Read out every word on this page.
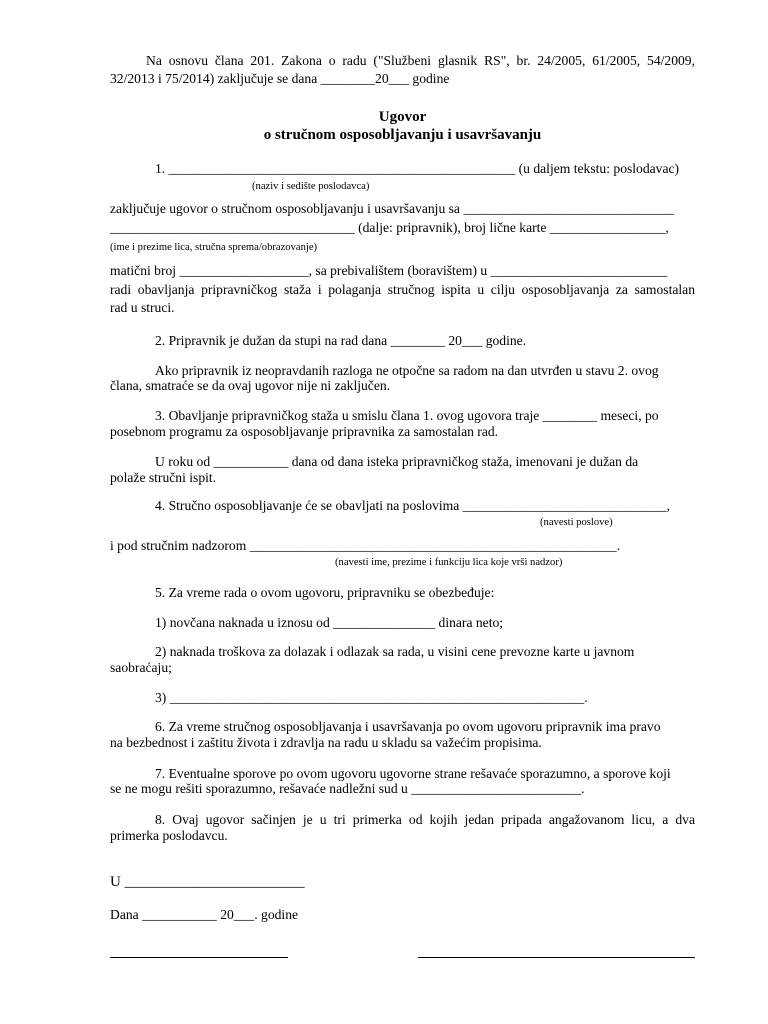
Na osnovu člana 201. Zakona o radu ("Službeni glasnik RS", br. 24/2005, 61/2005, 54/2009,
32/2013 i 75/2014) zaključuje se dana ________20___ godine
Ugovor
o stručnom osposobljavanju i usavršavanju
1. ___________________________________________________ (u daljem tekstu: poslodavac)
(naziv i sedište poslodavca)
zaključuje ugovor o stručnom osposobljavanju i usavršavanju sa _______________________________
____________________________________ (dalje: pripravnik), broj lične karte _________________,
(ime i prezime lica, stručna sprema/obrazovanje)
matični broj ___________________, sa prebivalištem (boravištem) u __________________________
radi obavljanja pripravničkog staža i polaganja stručnog ispita u cilju osposobljavanja za samostalan
rad u struci.
2. Pripravnik je dužan da stupi na rad dana ________ 20___ godine.
Ako pripravnik iz neopravdanih razloga ne otpočne sa radom na dan utvrđen u stavu 2. ovog
člana, smatraće se da ovaj ugovor nije ni zaključen.
3. Obavljanje pripravničkog staža u smislu člana 1. ovog ugovora traje ________ meseci, po
posebnom programu za osposobljavanje pripravnika za samostalan rad.
U roku od ___________ dana od dana isteka pripravničkog staža, imenovani je dužan da
polaže stručni ispit.
4. Stručno osposobljavanje će se obavljati na poslovima ______________________________,
(navesti poslove)
i pod stručnim nadzorom ______________________________________________________.
(navesti ime, prezime i funkciju lica koje vrši nadzor)
5. Za vreme rada o ovom ugovoru, pripravniku se obezbeđuje:
1) novčana naknada u iznosu od _______________ dinara neto;
2) naknada troškova za dolazak i odlazak sa rada, u visini cene prevozne karte u javnom
saobraćaju;
3) _____________________________________________________________.
6. Za vreme stručnog osposobljavanja i usavršavanja po ovom ugovoru pripravnik ima pravo
na bezbednost i zaštitu života i zdravlja na radu u skladu sa važećim propisima.
7. Eventualne sporove po ovom ugovoru ugovorne strane rešavaće sporazumno, a sporove koji
se ne mogu rešiti sporazumno, rešavaće nadležni sud u _________________________.
8. Ovaj ugovor sačinjen je u tri primerka od kojih jedan pripada angažovanom licu, a dva
primerka poslodavcu.
U ________________________
Dana ___________ 20___. godine
